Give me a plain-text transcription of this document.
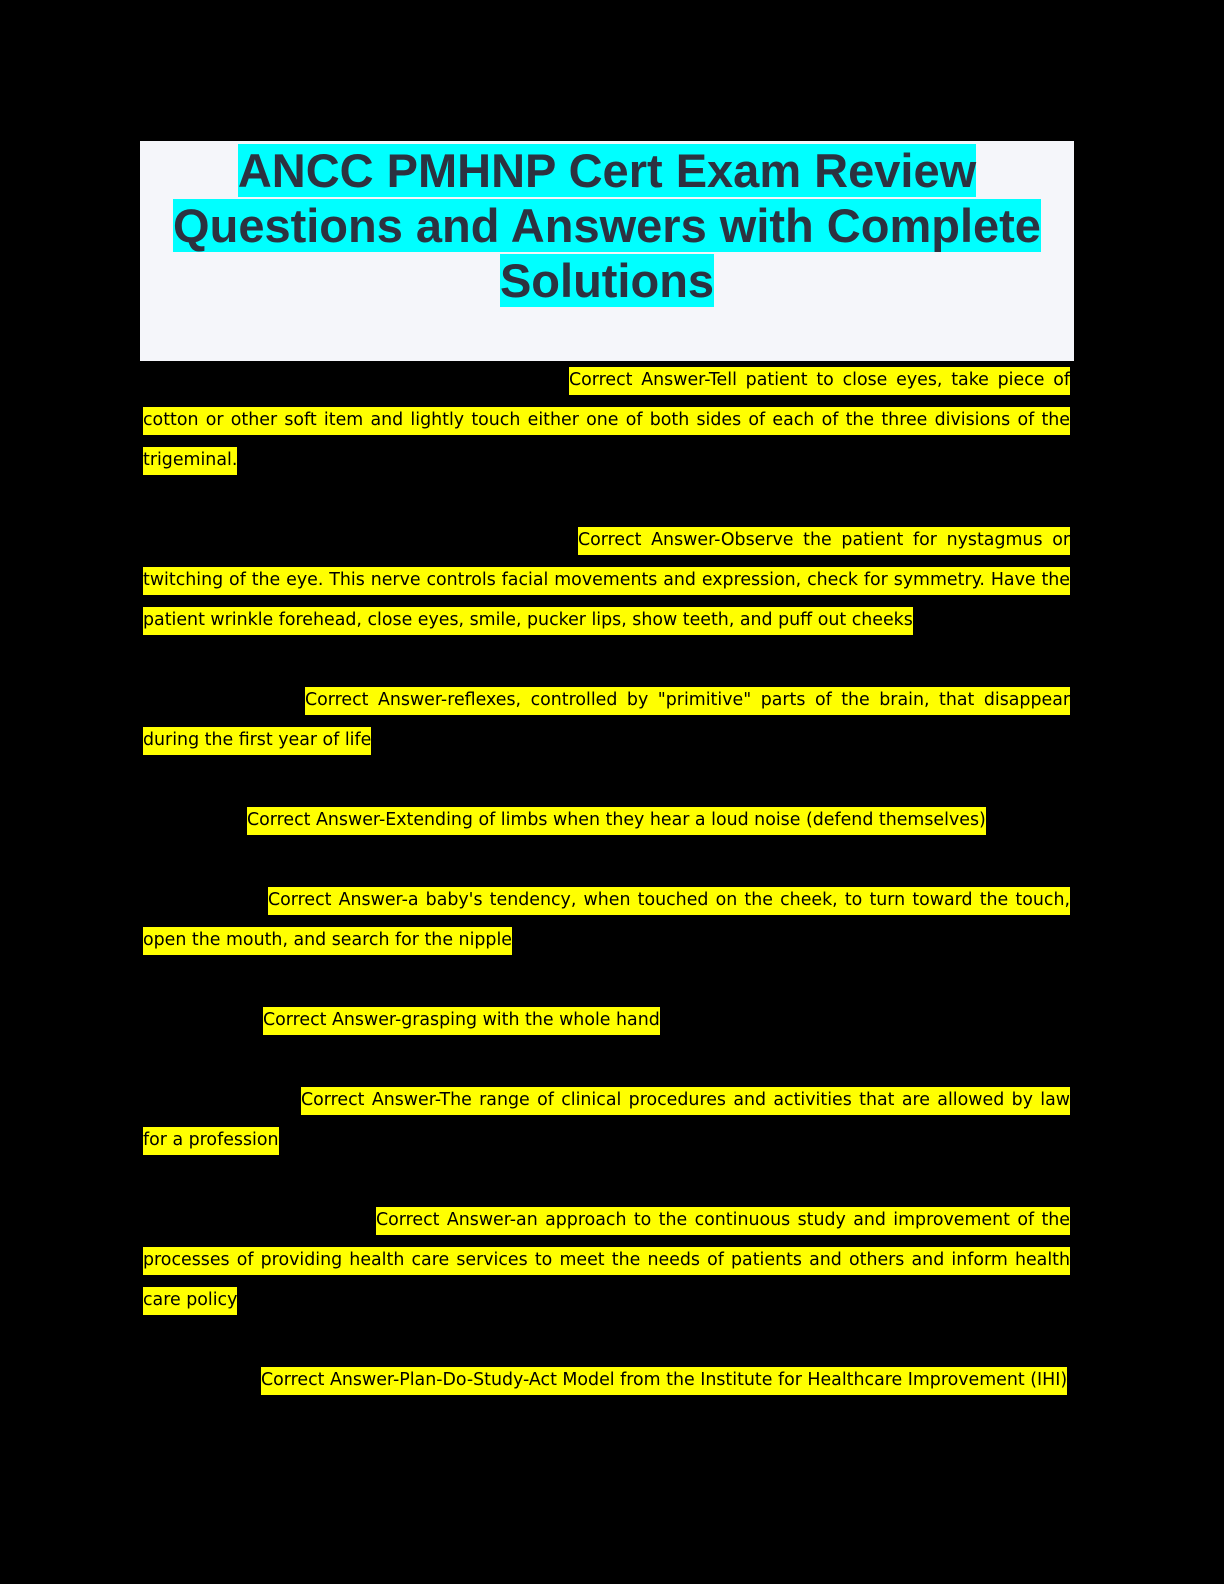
ANCC PMHNP Cert Exam Review
Questions and Answers with Complete
Solutions

Correct Answer-Tell patient to close eyes, take piece of cotton or other soft item and lightly touch either one of both sides of each of the three divisions of the trigeminal.

Correct Answer-Observe the patient for nystagmus or twitching of the eye. This nerve controls facial movements and expression, check for symmetry. Have the patient wrinkle forehead, close eyes, smile, pucker lips, show teeth, and puff out cheeks

Correct Answer-reflexes, controlled by "primitive" parts of the brain, that disappear during the first year of life

Correct Answer-Extending of limbs when they hear a loud noise (defend themselves)

Correct Answer-a baby's tendency, when touched on the cheek, to turn toward the touch, open the mouth, and search for the nipple

Correct Answer-grasping with the whole hand

Correct Answer-The range of clinical procedures and activities that are allowed by law for a profession

Correct Answer-an approach to the continuous study and improvement of the processes of providing health care services to meet the needs of patients and others and inform health care policy

Correct Answer-Plan-Do-Study-Act Model from the Institute for Healthcare Improvement (IHI)
